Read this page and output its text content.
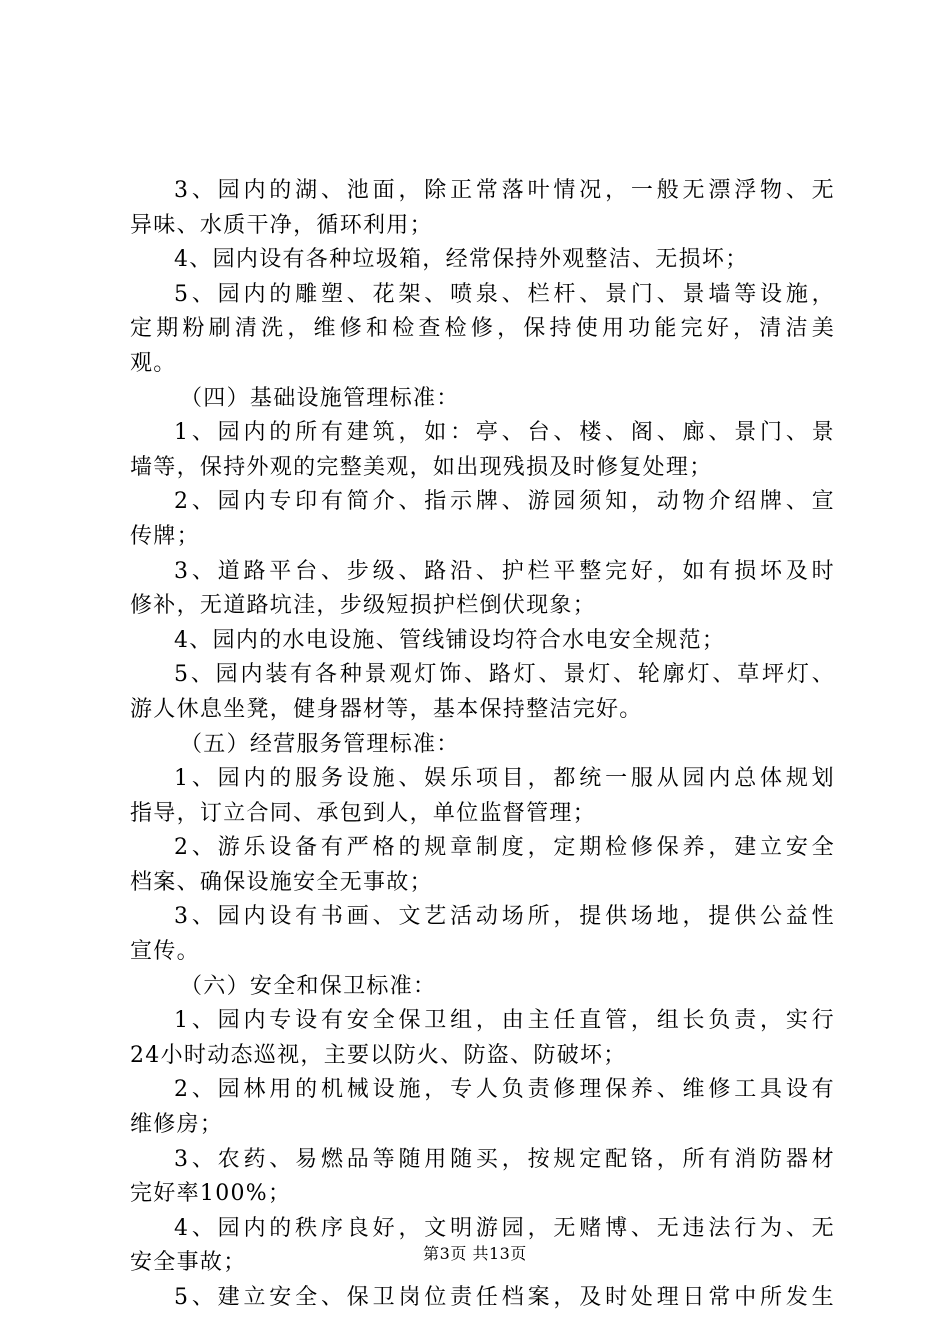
3、园内的湖、池面，除正常落叶情况，一般无漂浮物、无
异味、水质干净，循环利用；
4、园内设有各种垃圾箱，经常保持外观整洁、无损坏；
5、园内的雕塑、花架、喷泉、栏杆、景门、景墙等设施，
定期粉刷清洗，维修和检查检修，保持使用功能完好，清洁美
观。
（四）基础设施管理标准：
1、园内的所有建筑，如：亭、台、楼、阁、廊、景门、景
墙等，保持外观的完整美观，如出现残损及时修复处理；
2、园内专印有简介、指示牌、游园须知，动物介绍牌、宣
传牌；
3、道路平台、步级、路沿、护栏平整完好，如有损坏及时
修补，无道路坑洼，步级短损护栏倒伏现象；
4、园内的水电设施、管线铺设均符合水电安全规范；
5、园内装有各种景观灯饰、路灯、景灯、轮廓灯、草坪灯、
游人休息坐凳，健身器材等，基本保持整洁完好。
（五）经营服务管理标准：
1、园内的服务设施、娱乐项目，都统一服从园内总体规划
指导，订立合同、承包到人，单位监督管理；
2、游乐设备有严格的规章制度，定期检修保养，建立安全
档案、确保设施安全无事故；
3、园内设有书画、文艺活动场所，提供场地，提供公益性
宣传。
（六）安全和保卫标准：
1、园内专设有安全保卫组，由主任直管，组长负责，实行
24小时动态巡视，主要以防火、防盗、防破坏；
2、园林用的机械设施，专人负责修理保养、维修工具设有
维修房；
3、农药、易燃品等随用随买，按规定配铬，所有消防器材
完好率100%；
4、园内的秩序良好，文明游园，无赌博、无违法行为、无
安全事故；
5、建立安全、保卫岗位责任档案，及时处理日常中所发生
第3页 共13页
